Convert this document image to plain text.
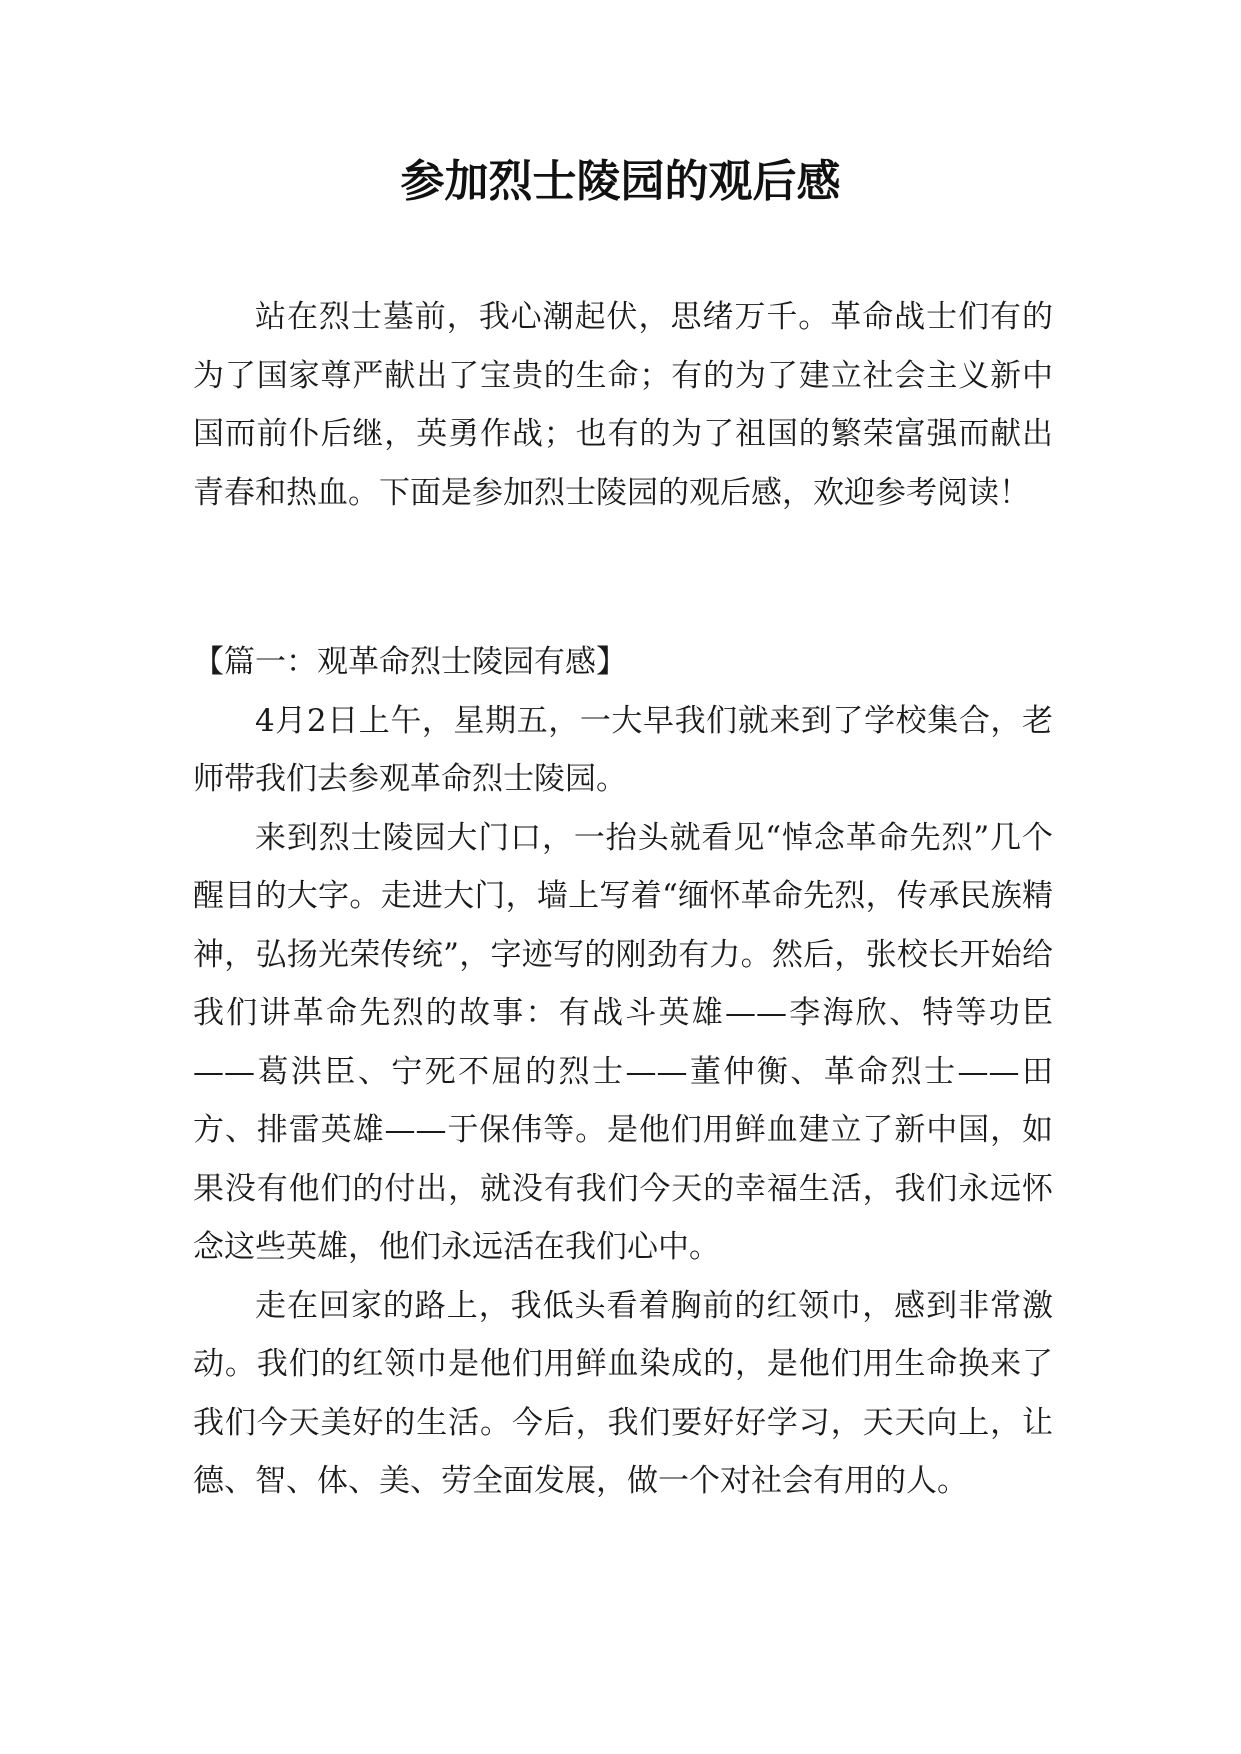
参加烈士陵园的观后感

站在烈士墓前，我心潮起伏，思绪万千。革命战士们有的为了国家尊严献出了宝贵的生命；有的为了建立社会主义新中国而前仆后继，英勇作战；也有的为了祖国的繁荣富强而献出青春和热血。下面是参加烈士陵园的观后感，欢迎参考阅读！

【篇一：观革命烈士陵园有感】

4月2日上午，星期五，一大早我们就来到了学校集合，老师带我们去参观革命烈士陵园。

来到烈士陵园大门口，一抬头就看见“悼念革命先烈”几个醒目的大字。走进大门，墙上写着“缅怀革命先烈，传承民族精神，弘扬光荣传统”，字迹写的刚劲有力。然后，张校长开始给我们讲革命先烈的故事：有战斗英雄——李海欣、特等功臣——葛洪臣、宁死不屈的烈士——董仲衡、革命烈士——田方、排雷英雄——于保伟等。是他们用鲜血建立了新中国，如果没有他们的付出，就没有我们今天的幸福生活，我们永远怀念这些英雄，他们永远活在我们心中。

走在回家的路上，我低头看着胸前的红领巾，感到非常激动。我们的红领巾是他们用鲜血染成的，是他们用生命换来了我们今天美好的生活。今后，我们要好好学习，天天向上，让德、智、体、美、劳全面发展，做一个对社会有用的人。
